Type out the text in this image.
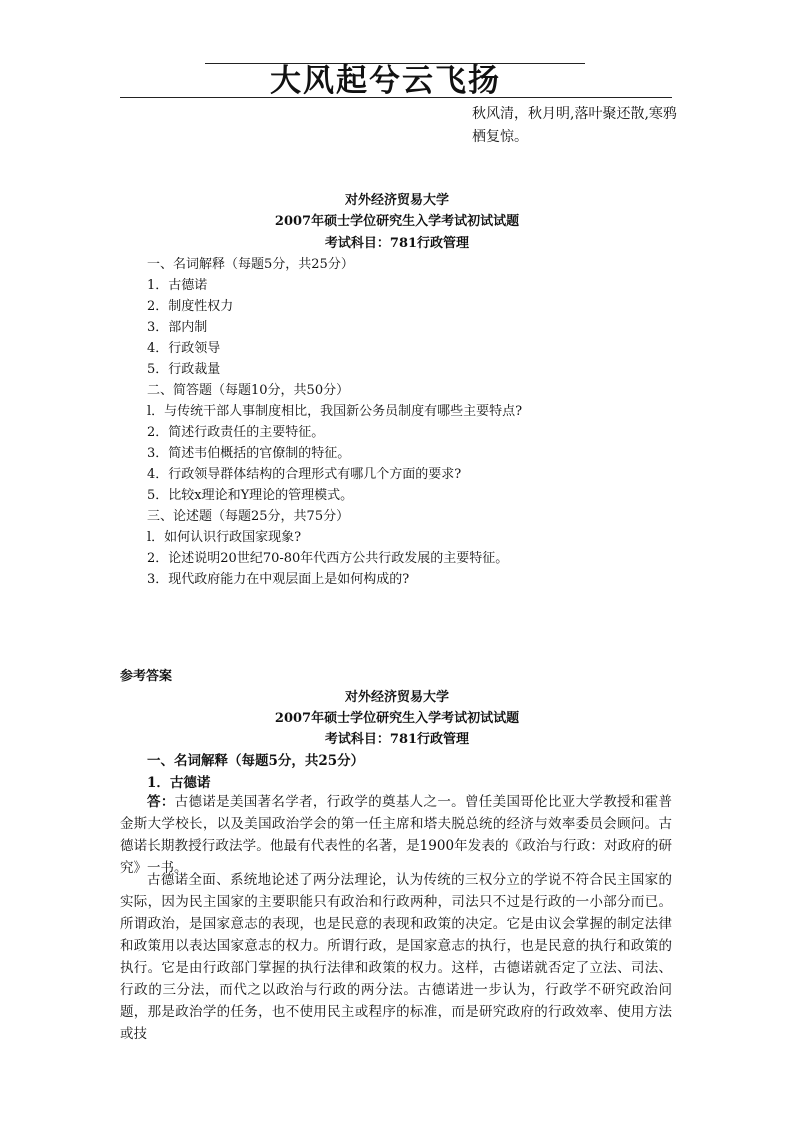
大风起兮云飞扬
秋风清，秋月明,落叶聚还散,寒鸦栖复惊。
对外经济贸易大学
2007年硕士学位研究生入学考试初试试题
考试科目：781行政管理
一、名词解释（每题5分，共25分）
1．古德诺
2．制度性权力
3．部内制
4．行政领导
5．行政裁量
二、简答题（每题10分，共50分）
l．与传统干部人事制度相比，我国新公务员制度有哪些主要特点?
2．简述行政责任的主要特征。
3．简述韦伯概括的官僚制的特征。
4．行政领导群体结构的合理形式有哪几个方面的要求?
5．比较x理论和Y理论的管理模式。
三、论述题（每题25分，共75分）
l．如何认识行政国家现象?
2．论述说明20世纪70-80年代西方公共行政发展的主要特征。
3．现代政府能力在中观层面上是如何构成的?
参考答案
对外经济贸易大学
2007年硕士学位研究生入学考试初试试题
考试科目：781行政管理
一、名词解释（每题5分，共25分）
1．古德诺
答：古德诺是美国著名学者，行政学的奠基人之一。曾任美国哥伦比亚大学教授和霍普金斯大学校长，以及美国政治学会的第一任主席和塔夫脱总统的经济与效率委员会顾问。古德诺长期教授行政法学。他最有代表性的名著，是1900年发表的《政治与行政：对政府的研究》一书。
古德诺全面、系统地论述了两分法理论，认为传统的三权分立的学说不符合民主国家的实际，因为民主国家的主要职能只有政治和行政两种，司法只不过是行政的一小部分而已。所谓政治，是国家意志的表现，也是民意的表现和政策的决定。它是由议会掌握的制定法律和政策用以表达国家意志的权力。所谓行政，是国家意志的执行，也是民意的执行和政策的执行。它是由行政部门掌握的执行法律和政策的权力。这样，古德诺就否定了立法、司法、行政的三分法，而代之以政治与行政的两分法。古德诺进一步认为，行政学不研究政治问题，那是政治学的任务，也不使用民主或程序的标准，而是研究政府的行政效率、使用方法或技
